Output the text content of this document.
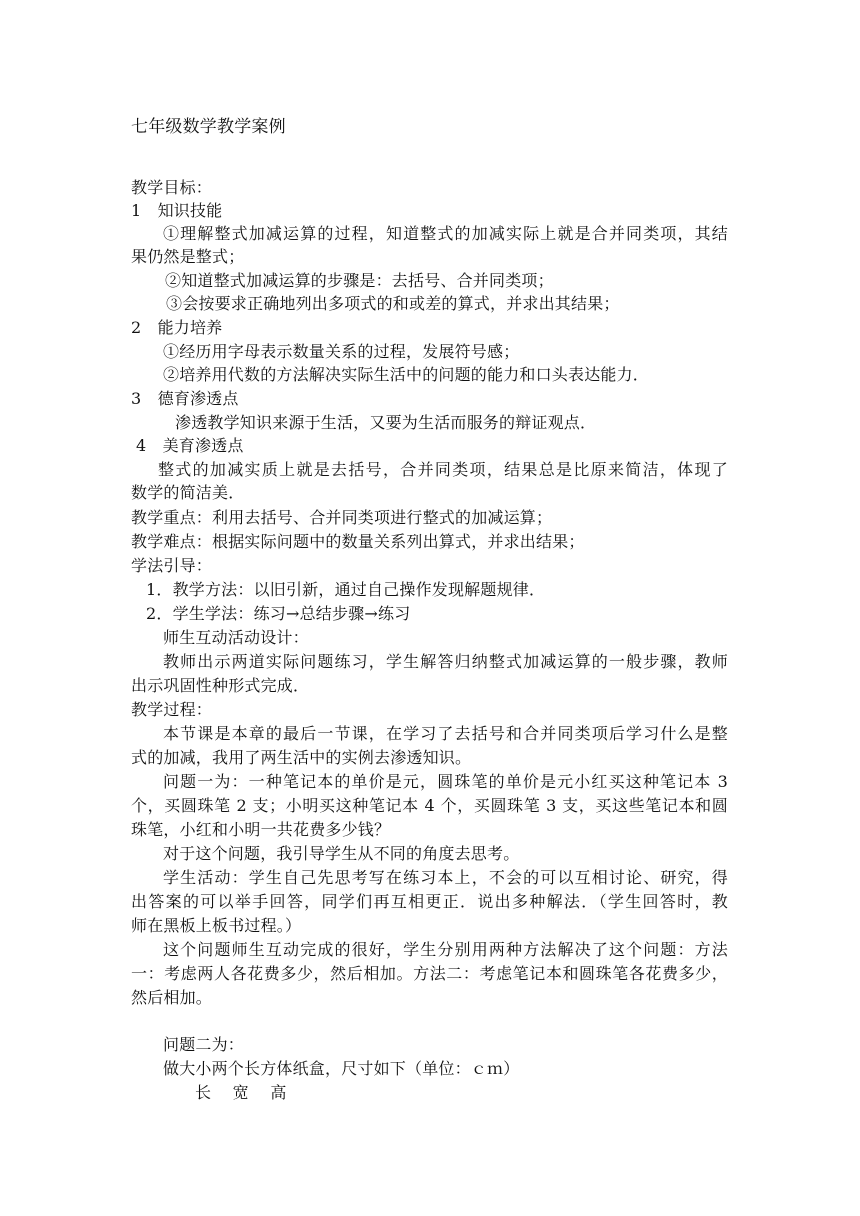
七年级数学教学案例
教学目标：
1　知识技能
①理解整式加减运算的过程，知道整式的加减实际上就是合并同类项，其结
果仍然是整式；
②知道整式加减运算的步骤是：去括号、合并同类项；
③会按要求正确地列出多项式的和或差的算式，并求出其结果；
2　能力培养
①经历用字母表示数量关系的过程，发展符号感；
②培养用代数的方法解决实际生活中的问题的能力和口头表达能力．
3　德育渗透点
渗透教学知识来源于生活，又要为生活而服务的辩证观点．
4　美育渗透点
整式的加减实质上就是去括号，合并同类项，结果总是比原来简洁，体现了
数学的简洁美．
教学重点：利用去括号、合并同类项进行整式的加减运算；
教学难点：根据实际问题中的数量关系列出算式，并求出结果；
学法引导：
1．教学方法：以旧引新，通过自己操作发现解题规律．
2．学生学法：练习→总结步骤→练习
师生互动活动设计：
教师出示两道实际问题练习，学生解答归纳整式加减运算的一般步骤，教师
出示巩固性种形式完成．
教学过程：
本节课是本章的最后一节课，在学习了去括号和合并同类项后学习什么是整
式的加减，我用了两生活中的实例去渗透知识。
问题一为：一种笔记本的单价是元，圆珠笔的单价是元小红买这种笔记本 3
个，买圆珠笔 2 支；小明买这种笔记本 4 个，买圆珠笔 3 支，买这些笔记本和圆
珠笔，小红和小明一共花费多少钱？
对于这个问题，我引导学生从不同的角度去思考。
学生活动：学生自己先思考写在练习本上，不会的可以互相讨论、研究，得
出答案的可以举手回答，同学们再互相更正．说出多种解法．（学生回答时，教
师在黑板上板书过程。）
这个问题师生互动完成的很好，学生分别用两种方法解决了这个问题：方法
一：考虑两人各花费多少，然后相加。方法二：考虑笔记本和圆珠笔各花费多少，
然后相加。
问题二为：
做大小两个长方体纸盒，尺寸如下（单位：ｃｍ）
长　 宽 　高
